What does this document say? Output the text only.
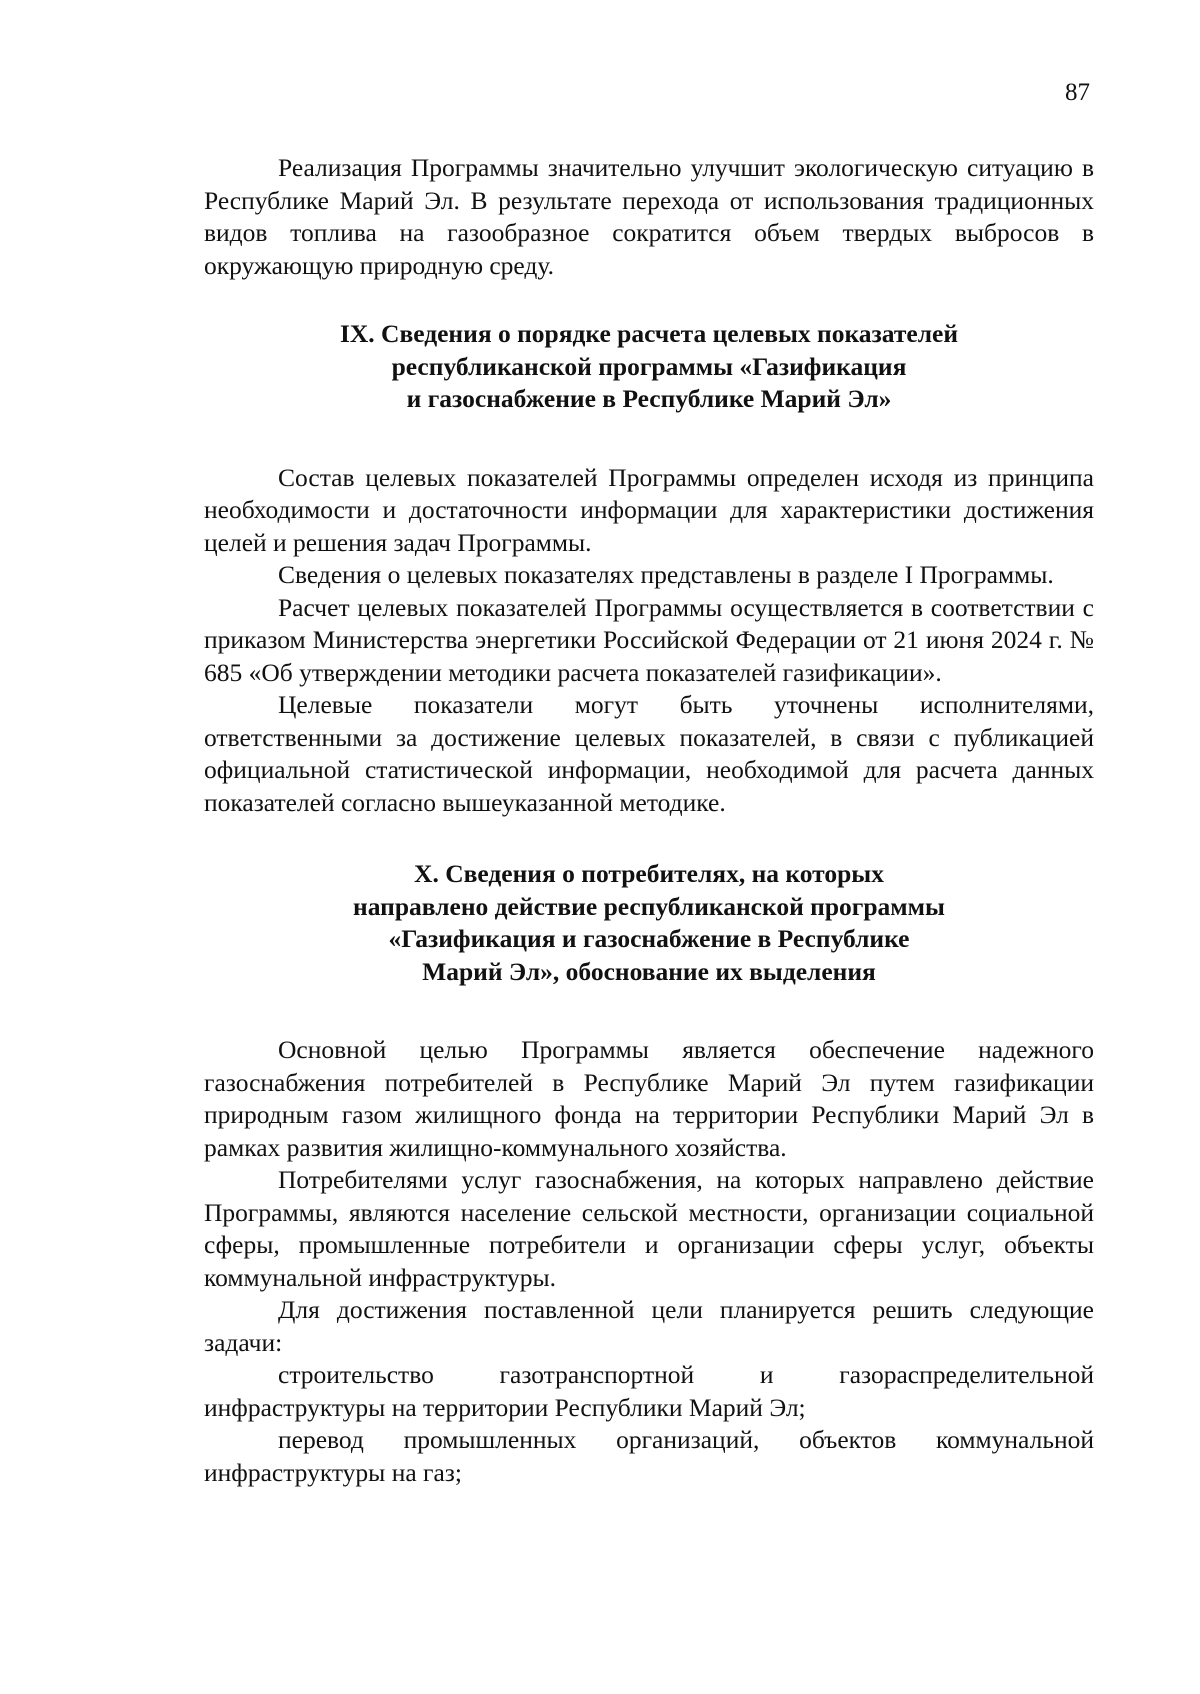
87

Реализация Программы значительно улучшит экологическую ситуацию в Республике Марий Эл. В результате перехода от использования традиционных видов топлива на газообразное сократится объем твердых выбросов в окружающую природную среду.

IX. Сведения о порядке расчета целевых показателей
республиканской программы «Газификация
и газоснабжение в Республике Марий Эл»

Состав целевых показателей Программы определен исходя из принципа необходимости и достаточности информации для характеристики достижения целей и решения задач Программы.

Сведения о целевых показателях представлены в разделе I Программы.

Расчет целевых показателей Программы осуществляется в соответствии с приказом Министерства энергетики Российской Федерации от 21 июня 2024 г. № 685 «Об утверждении методики расчета показателей газификации».

Целевые показатели могут быть уточнены исполнителями, ответственными за достижение целевых показателей, в связи с публикацией официальной статистической информации, необходимой для расчета данных показателей согласно вышеуказанной методике.

X. Сведения о потребителях, на которых
направлено действие республиканской программы
«Газификация и газоснабжение в Республике
Марий Эл», обоснование их выделения

Основной целью Программы является обеспечение надежного газоснабжения потребителей в Республике Марий Эл путем газификации природным газом жилищного фонда на территории Республики Марий Эл в рамках развития жилищно-коммунального хозяйства.

Потребителями услуг газоснабжения, на которых направлено действие Программы, являются население сельской местности, организации социальной сферы, промышленные потребители и организации сферы услуг, объекты коммунальной инфраструктуры.

Для достижения поставленной цели планируется решить следующие задачи:

строительство газотранспортной и газораспределительной инфраструктуры на территории Республики Марий Эл;

перевод промышленных организаций, объектов коммунальной инфраструктуры на газ;
